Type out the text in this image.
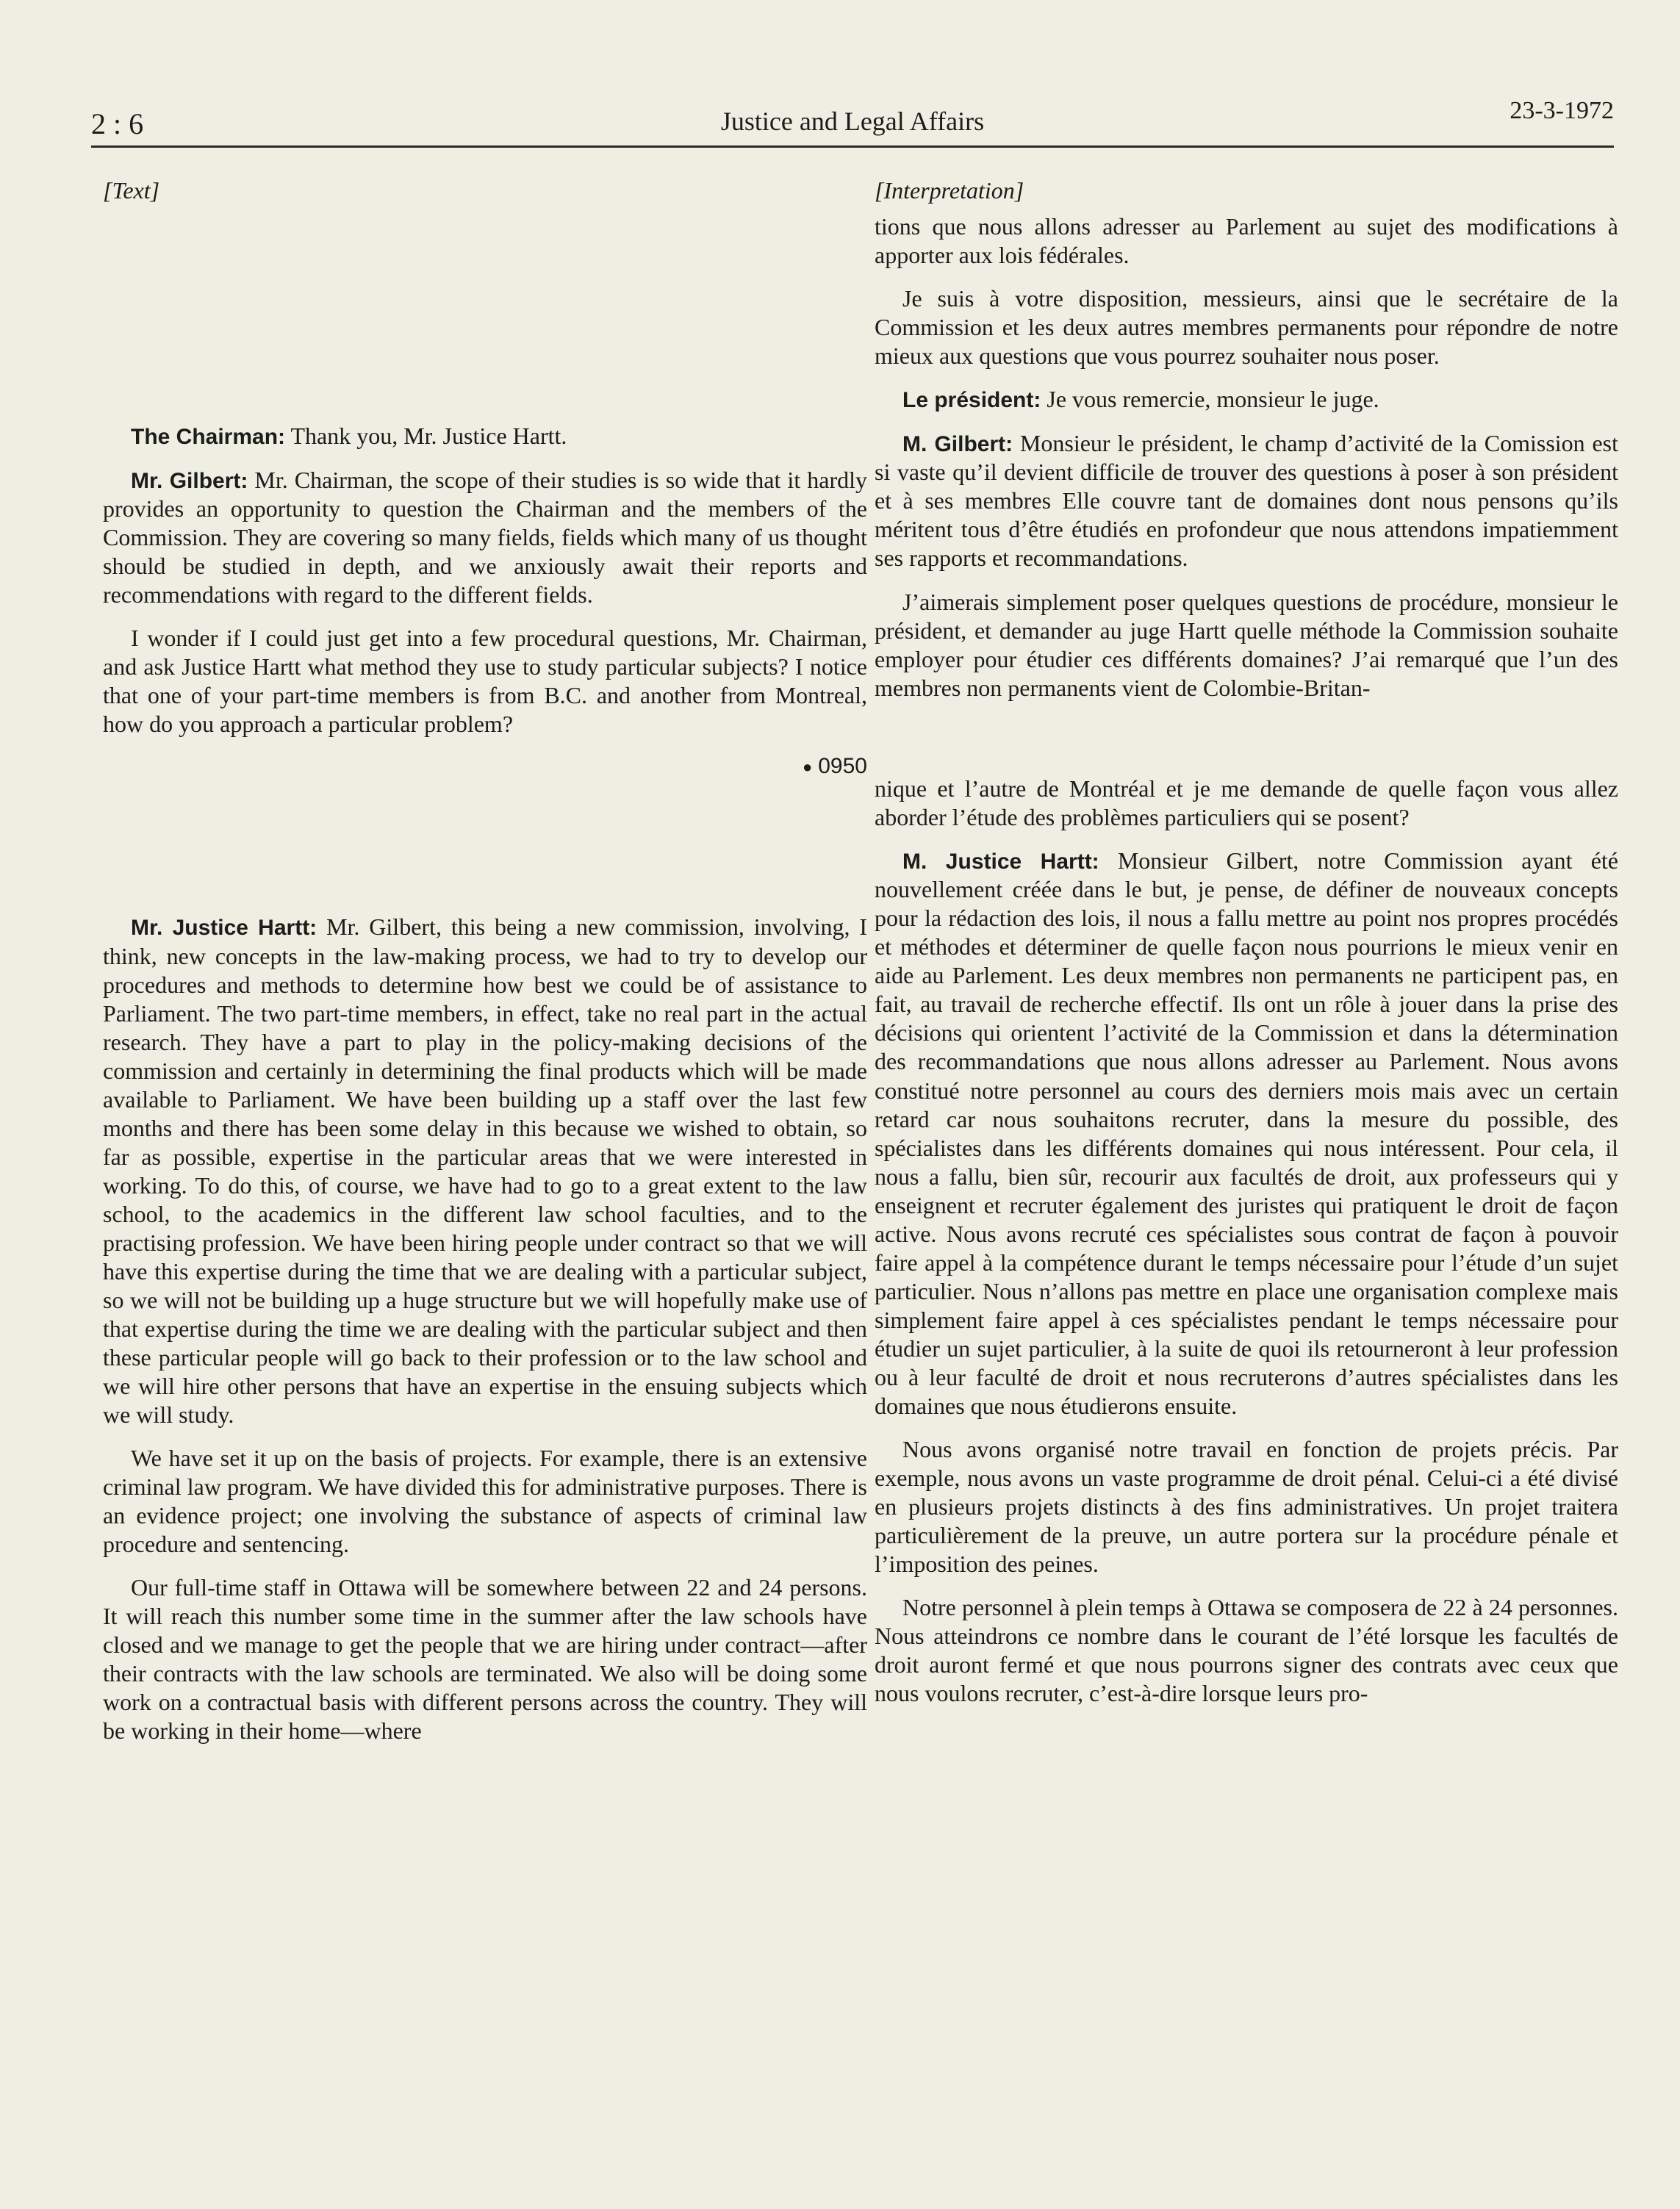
2 : 6	Justice and Legal Affairs	23-3-1972

[Text]

The Chairman: Thank you, Mr. Justice Hartt.

Mr. Gilbert: Mr. Chairman, the scope of their studies is so wide that it hardly provides an opportunity to question the Chairman and the members of the Commission. They are covering so many fields, fields which many of us thought should be studied in depth, and we anxiously await their reports and recommendations with regard to the different fields.

I wonder if I could just get into a few procedural questions, Mr. Chairman, and ask Justice Hartt what method they use to study particular subjects? I notice that one of your part-time members is from B.C. and another from Montreal, how do you approach a particular problem?

● 0950

Mr. Justice Hartt: Mr. Gilbert, this being a new commission, involving, I think, new concepts in the law-making process, we had to try to develop our procedures and methods to determine how best we could be of assistance to Parliament. The two part-time members, in effect, take no real part in the actual research. They have a part to play in the policy-making decisions of the commission and certainly in determining the final products which will be made available to Parliament. We have been building up a staff over the last few months and there has been some delay in this because we wished to obtain, so far as possible, expertise in the particular areas that we were interested in working. To do this, of course, we have had to go to a great extent to the law school, to the academics in the different law school faculties, and to the practising profession. We have been hiring people under contract so that we will have this expertise during the time that we are dealing with a particular subject, so we will not be building up a huge structure but we will hopefully make use of that expertise during the time we are dealing with the particular subject and then these particular people will go back to their profession or to the law school and we will hire other persons that have an expertise in the ensuing subjects which we will study.

We have set it up on the basis of projects. For example, there is an extensive criminal law program. We have divided this for administrative purposes. There is an evidence project; one involving the substance of aspects of criminal law procedure and sentencing.

Our full-time staff in Ottawa will be somewhere between 22 and 24 persons. It will reach this number some time in the summer after the law schools have closed and we manage to get the people that we are hiring under contract—after their contracts with the law schools are terminated. We also will be doing some work on a contractual basis with different persons across the country. They will be working in their home—where

[Interpretation]

tions que nous allons adresser au Parlement au sujet des modifications à apporter aux lois fédérales.

Je suis à votre disposition, messieurs, ainsi que le secrétaire de la Commission et les deux autres membres permanents pour répondre de notre mieux aux questions que vous pourrez souhaiter nous poser.

Le président: Je vous remercie, monsieur le juge.

M. Gilbert: Monsieur le président, le champ d’activité de la Comission est si vaste qu’il devient difficile de trouver des questions à poser à son président et à ses membres Elle couvre tant de domaines dont nous pensons qu’ils méritent tous d’être étudiés en profondeur que nous attendons impatiemment ses rapports et recommandations.

J’aimerais simplement poser quelques questions de procédure, monsieur le président, et demander au juge Hartt quelle méthode la Commission souhaite employer pour étudier ces différents domaines? J’ai remarqué que l’un des membres non permanents vient de Colombie-Britan-

nique et l’autre de Montréal et je me demande de quelle façon vous allez aborder l’étude des problèmes particuliers qui se posent?

M. Justice Hartt: Monsieur Gilbert, notre Commission ayant été nouvellement créée dans le but, je pense, de définer de nouveaux concepts pour la rédaction des lois, il nous a fallu mettre au point nos propres procédés et méthodes et déterminer de quelle façon nous pourrions le mieux venir en aide au Parlement. Les deux membres non permanents ne participent pas, en fait, au travail de recherche effectif. Ils ont un rôle à jouer dans la prise des décisions qui orientent l’activité de la Commission et dans la détermination des recommandations que nous allons adresser au Parlement. Nous avons constitué notre personnel au cours des derniers mois mais avec un certain retard car nous souhaitons recruter, dans la mesure du possible, des spécialistes dans les différents domaines qui nous intéressent. Pour cela, il nous a fallu, bien sûr, recourir aux facultés de droit, aux professeurs qui y enseignent et recruter également des juristes qui pratiquent le droit de façon active. Nous avons recruté ces spécialistes sous contrat de façon à pouvoir faire appel à la compétence durant le temps nécessaire pour l’étude d’un sujet particulier. Nous n’allons pas mettre en place une organisation complexe mais simplement faire appel à ces spécialistes pendant le temps nécessaire pour étudier un sujet particulier, à la suite de quoi ils retourneront à leur profession ou à leur faculté de droit et nous recruterons d’autres spécialistes dans les domaines que nous étudierons ensuite.

Nous avons organisé notre travail en fonction de projets précis. Par exemple, nous avons un vaste programme de droit pénal. Celui-ci a été divisé en plusieurs projets distincts à des fins administratives. Un projet traitera particulièrement de la preuve, un autre portera sur la procédure pénale et l’imposition des peines.

Notre personnel à plein temps à Ottawa se composera de 22 à 24 personnes. Nous atteindrons ce nombre dans le courant de l’été lorsque les facultés de droit auront fermé et que nous pourrons signer des contrats avec ceux que nous voulons recruter, c’est-à-dire lorsque leurs pro-
